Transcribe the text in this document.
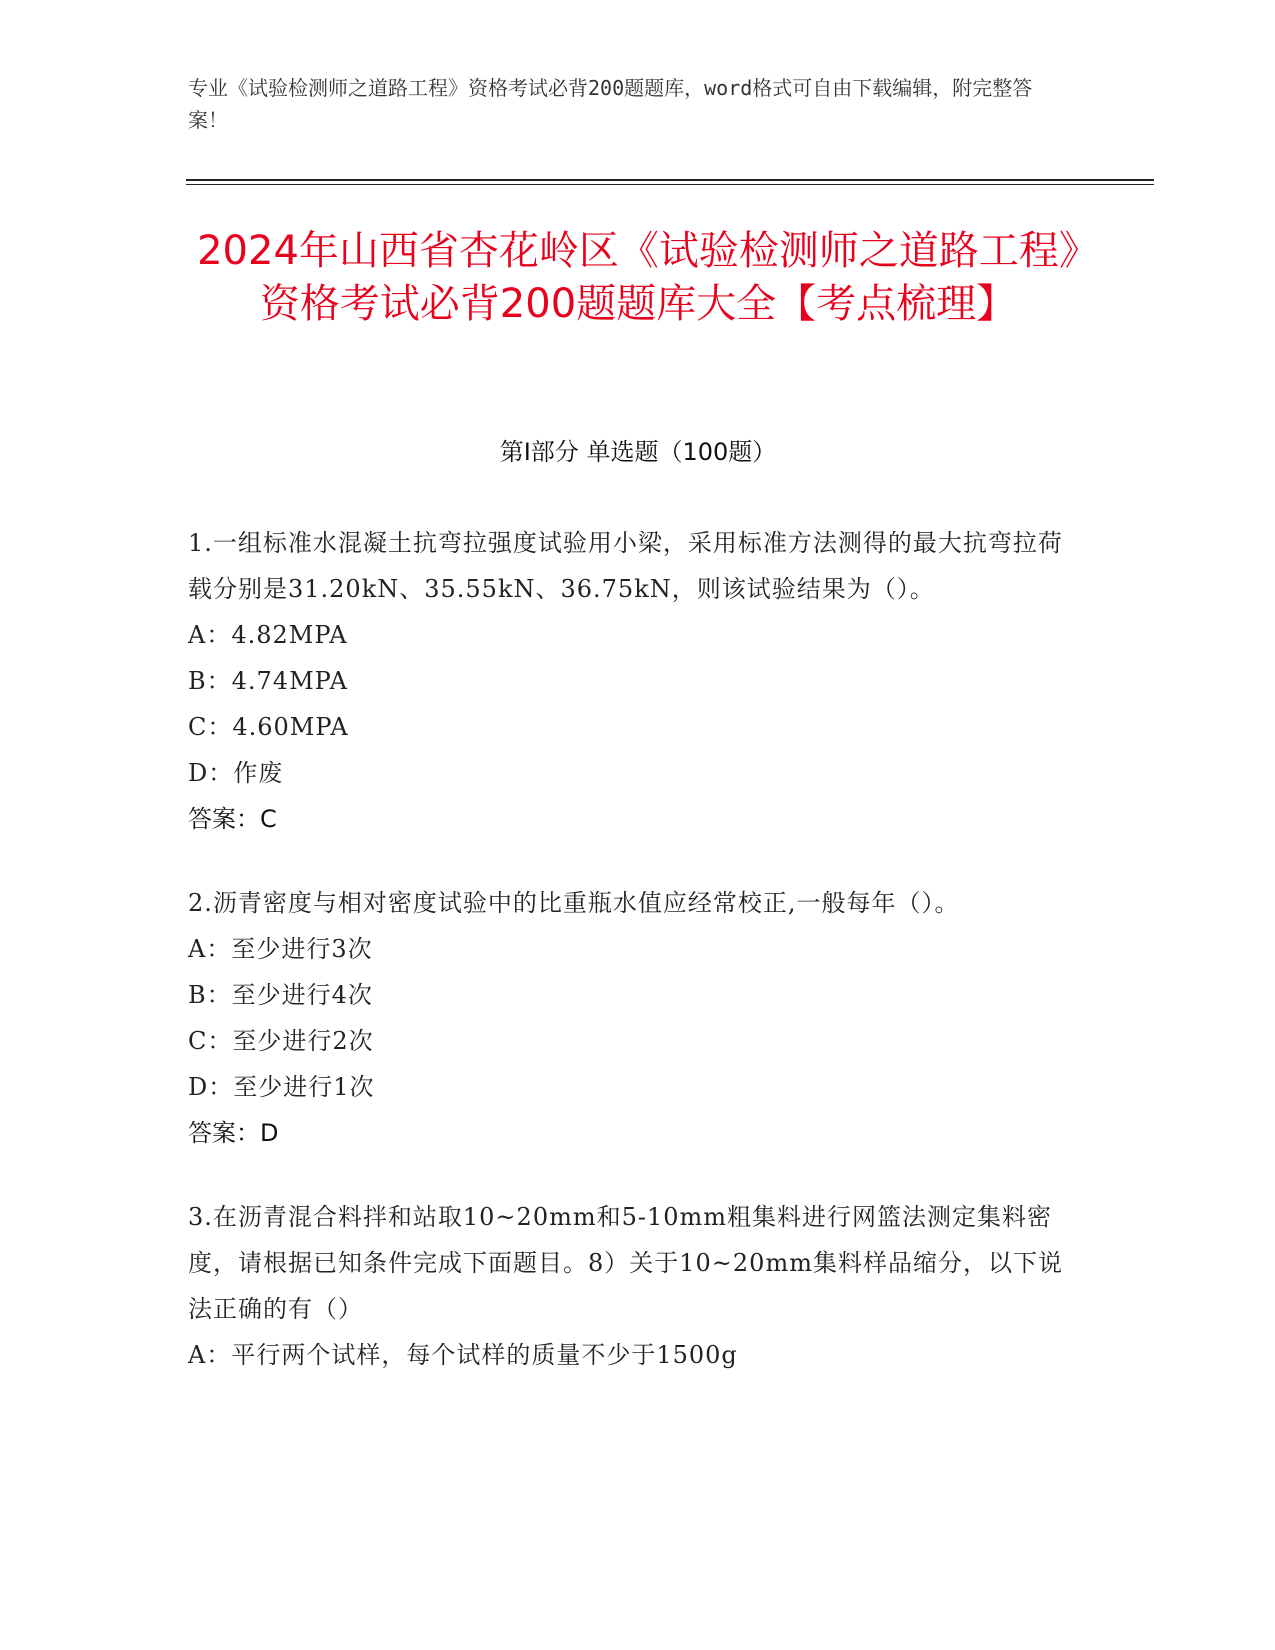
专业《试验检测师之道路工程》资格考试必背200题题库，word格式可自由下载编辑，附完整答案！
2024年山西省杏花岭区《试验检测师之道路工程》资格考试必背200题题库大全【考点梳理】
第I部分 单选题（100题）
1.一组标准水混凝土抗弯拉强度试验用小梁，采用标准方法测得的最大抗弯拉荷载分别是31.20kN、35.55kN、36.75kN，则该试验结果为（）。
A：4.82MPA
B：4.74MPA
C：4.60MPA
D：作废
答案：C
2.沥青密度与相对密度试验中的比重瓶水值应经常校正,一般每年（）。
A：至少进行3次
B：至少进行4次
C：至少进行2次
D：至少进行1次
答案：D
3.在沥青混合料拌和站取10~20mm和5-10mm粗集料进行网篮法测定集料密度，请根据已知条件完成下面题目。8）关于10~20mm集料样品缩分，以下说法正确的有（）
A：平行两个试样，每个试样的质量不少于1500g
